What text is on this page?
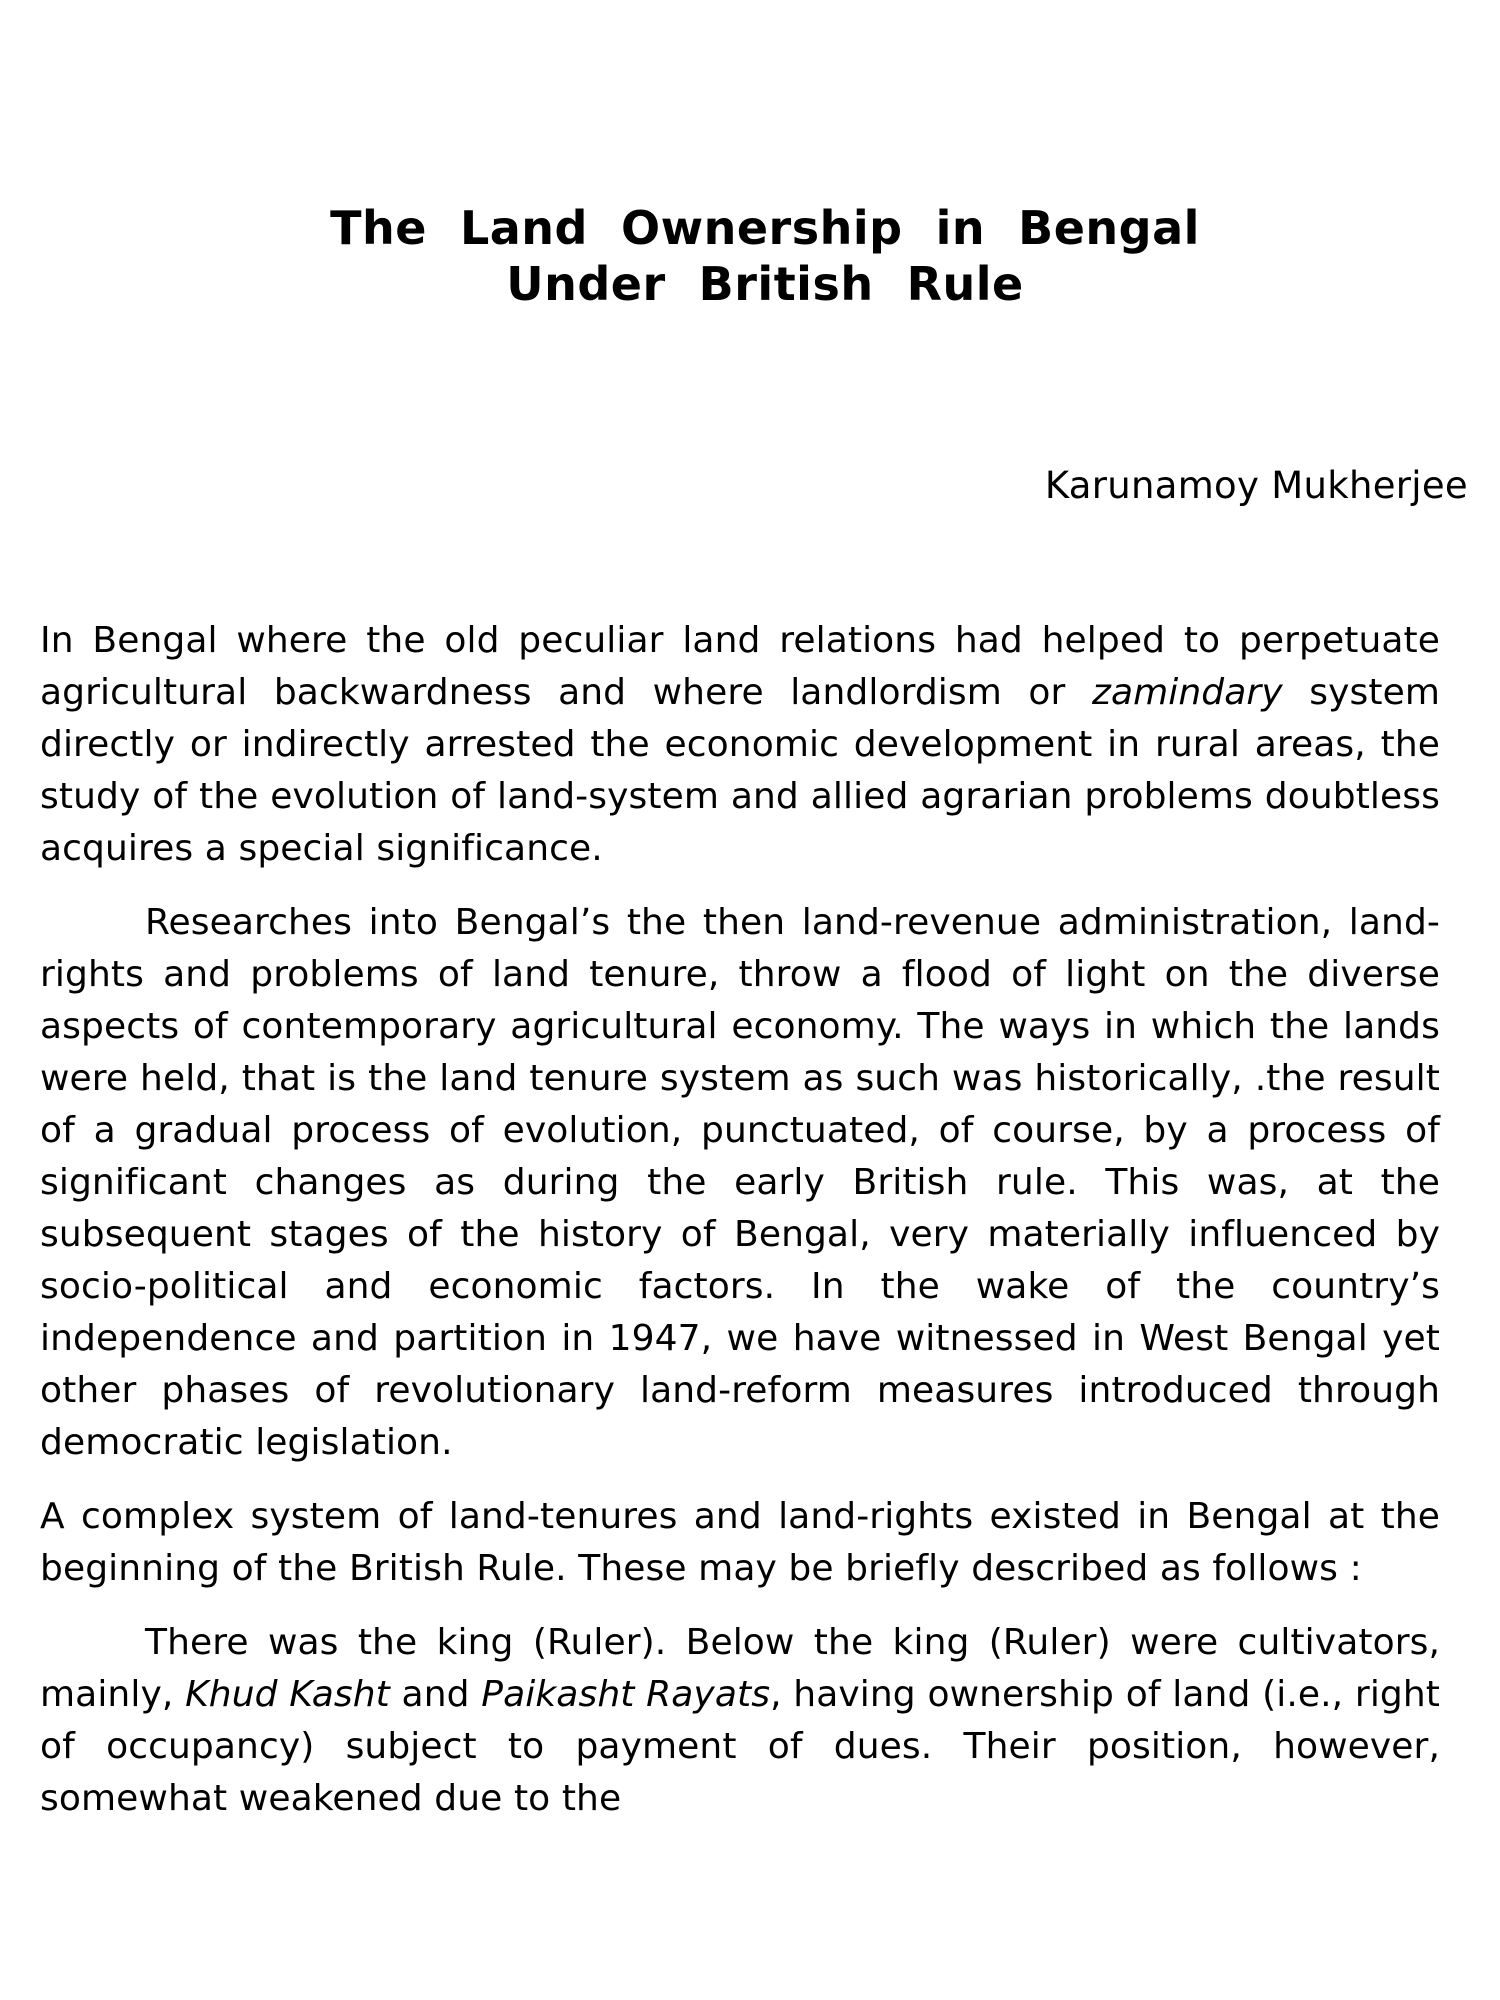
The  Land  Ownership  in  Bengal
Under  British  Rule
Karunamoy Mukherjee

In Bengal where the old peculiar land relations had helped to perpetuate agricultural backwardness and where landlordism or zamindary system directly or indirectly arrested the economic development in rural areas, the study of the evolution of land-system and allied agrarian problems doubtless acquires a special significance.

Researches into Bengal’s the then land-revenue administration, land-rights and problems of land tenure, throw a flood of light on the diverse aspects of contemporary agricultural economy. The ways in which the lands were held, that is the land tenure system as such was historically, .the result of a gradual process of evolution, punctuated, of course, by a process of significant changes as during the early British rule. This was, at the subsequent stages of the history of Bengal, very materially influenced by socio-political and economic factors. In the wake of the country’s independence and partition in 1947, we have witnessed in West Bengal yet other phases of revolutionary land-reform measures introduced through democratic legislation.

A complex system of land-tenures and land-rights existed in Bengal at the beginning of the British Rule. These may be briefly described as follows :

There was the king (Ruler). Below the king (Ruler) were cultivators, mainly, Khud Kasht and Paikasht Rayats, having ownership of land (i.e., right of occupancy) subject to payment of dues. Their position, however, somewhat weakened due to the
